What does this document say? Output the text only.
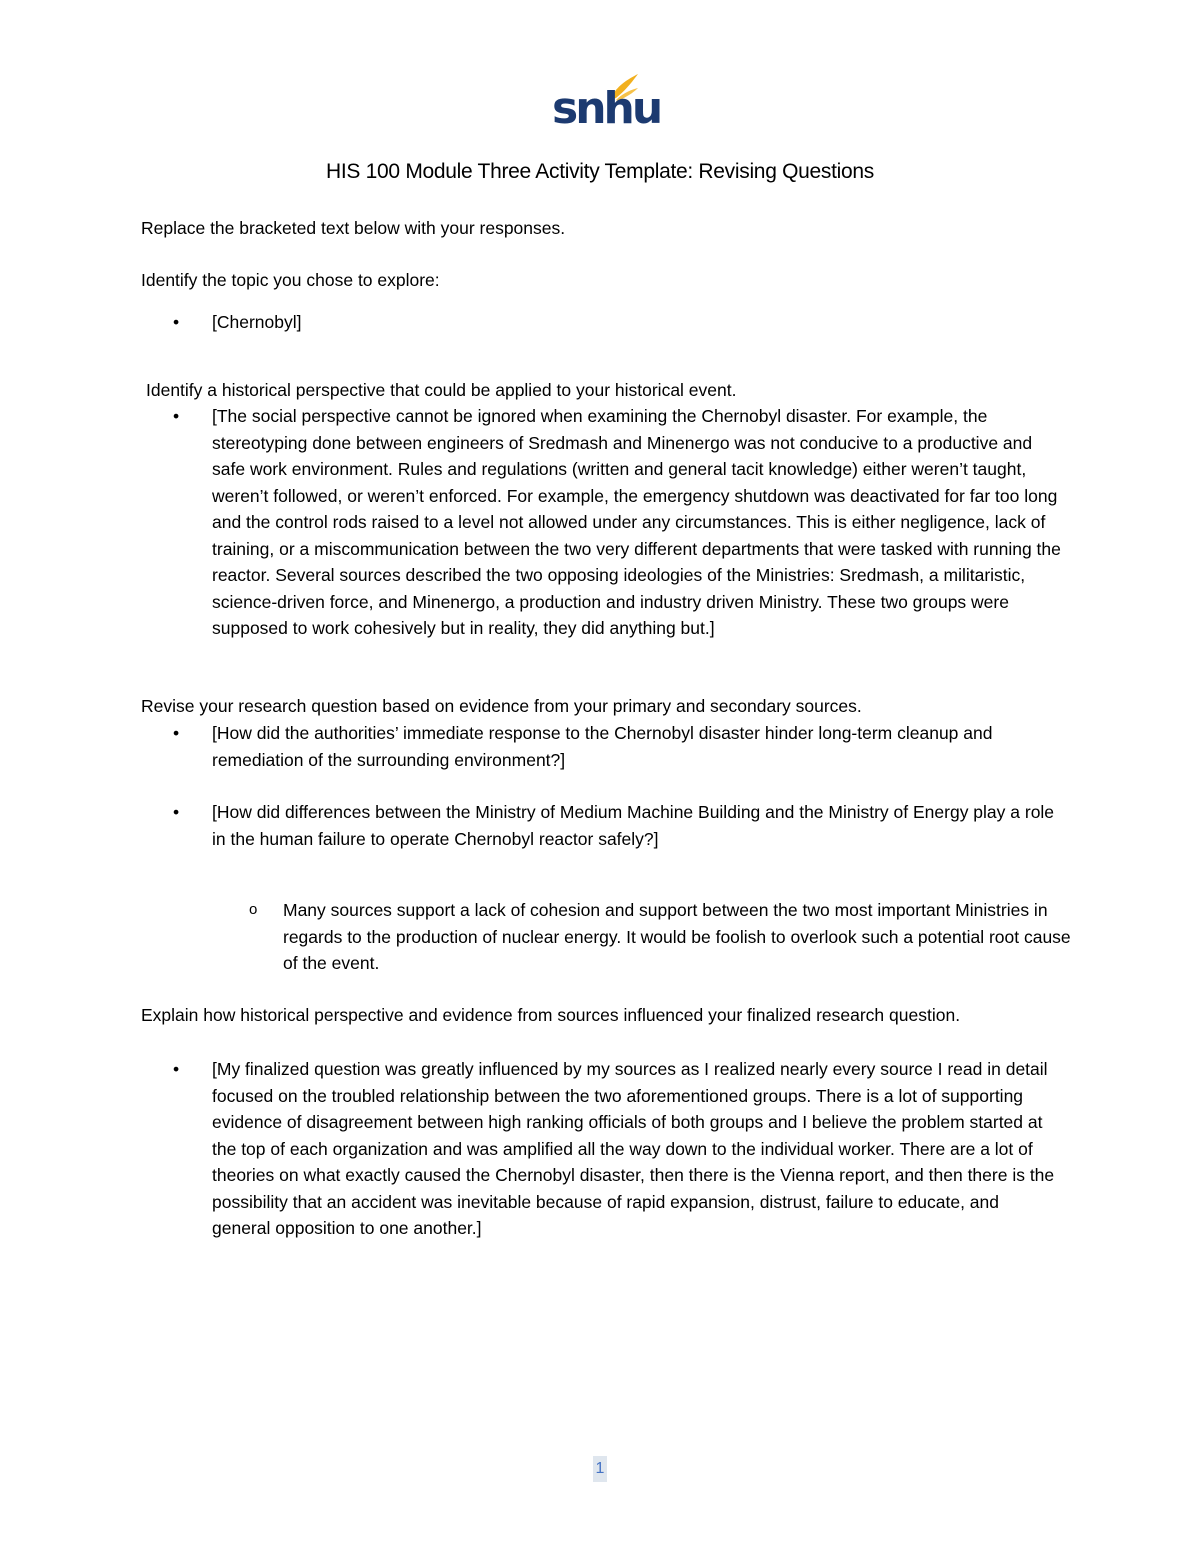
snhu
HIS 100 Module Three Activity Template: Revising Questions

Replace the bracketed text below with your responses.

Identify the topic you chose to explore:

• [Chernobyl]

Identify a historical perspective that could be applied to your historical event.

• [The social perspective cannot be ignored when examining the Chernobyl disaster. For example, the stereotyping done between engineers of Sredmash and Minenergo was not conducive to a productive and safe work environment. Rules and regulations (written and general tacit knowledge) either weren’t taught, weren’t followed, or weren’t enforced. For example, the emergency shutdown was deactivated for far too long and the control rods raised to a level not allowed under any circumstances. This is either negligence, lack of training, or a miscommunication between the two very different departments that were tasked with running the reactor. Several sources described the two opposing ideologies of the Ministries: Sredmash, a militaristic, science-driven force, and Minenergo, a production and industry driven Ministry. These two groups were supposed to work cohesively but in reality, they did anything but.]

Revise your research question based on evidence from your primary and secondary sources.

• [How did the authorities’ immediate response to the Chernobyl disaster hinder long-term cleanup and remediation of the surrounding environment?]

• [How did differences between the Ministry of Medium Machine Building and the Ministry of Energy play a role in the human failure to operate Chernobyl reactor safely?]

o Many sources support a lack of cohesion and support between the two most important Ministries in regards to the production of nuclear energy. It would be foolish to overlook such a potential root cause of the event.

Explain how historical perspective and evidence from sources influenced your finalized research question.

• [My finalized question was greatly influenced by my sources as I realized nearly every source I read in detail focused on the troubled relationship between the two aforementioned groups. There is a lot of supporting evidence of disagreement between high ranking officials of both groups and I believe the problem started at the top of each organization and was amplified all the way down to the individual worker. There are a lot of theories on what exactly caused the Chernobyl disaster, then there is the Vienna report, and then there is the possibility that an accident was inevitable because of rapid expansion, distrust, failure to educate, and general opposition to one another.]

1
